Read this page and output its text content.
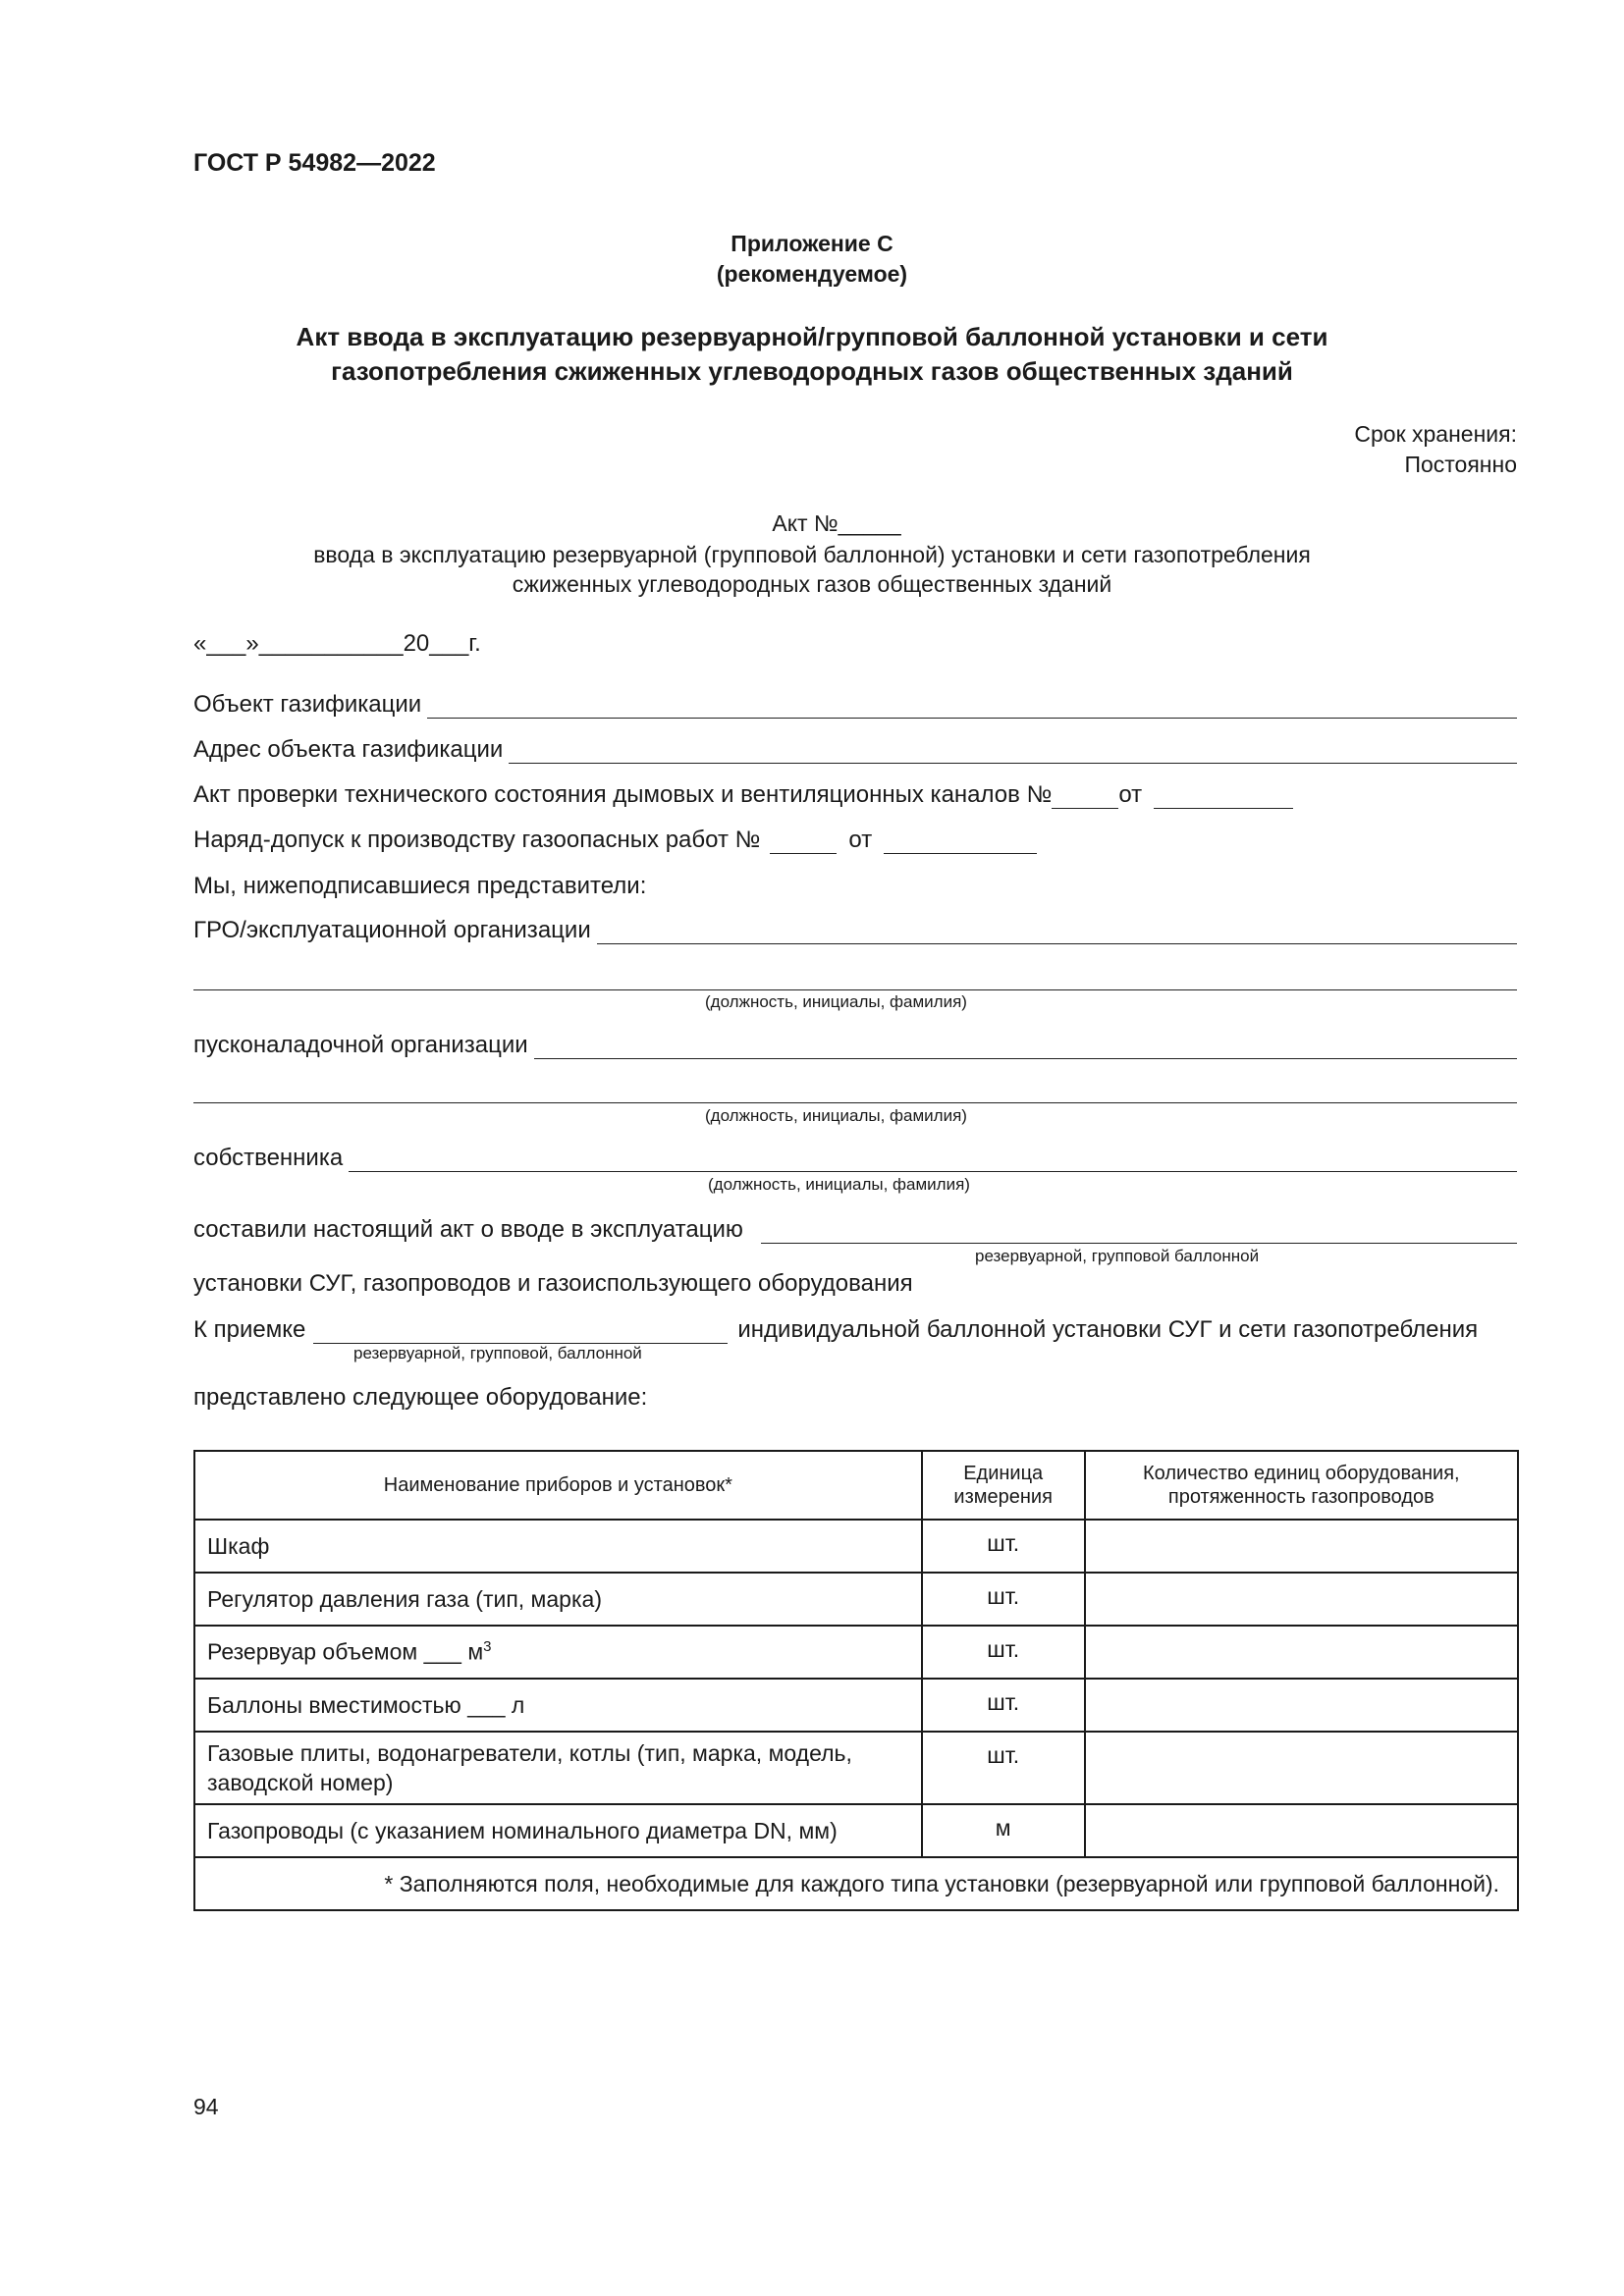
ГОСТ Р 54982—2022
Приложение С
(рекомендуемое)
Акт ввода в эксплуатацию резервуарной/групповой баллонной установки и сети
газопотребления сжиженных углеводородных газов общественных зданий
Срок хранения:
Постоянно
Акт №_____
ввода в эксплуатацию резервуарной (групповой баллонной) установки и сети газопотребления
сжиженных углеводородных газов общественных зданий
«___»___________20___г.
Объект газификации
Адрес объекта газификации
Акт проверки технического состояния дымовых и вентиляционных каналов №	от
Наряд-допуск к производству газоопасных работ №	от
Мы, нижеподписавшиеся представители:
ГРО/эксплуатационной организации
(должность, инициалы, фамилия)
пусконаладочной организации
(должность, инициалы, фамилия)
собственника
(должность, инициалы, фамилия)
составили настоящий акт о вводе в эксплуатацию
резервуарной, групповой баллонной
установки СУГ, газопроводов и газоиспользующего оборудования
К приемке	индивидуальной баллонной установки СУГ и сети газопотребления
резервуарной, групповой, баллонной
представлено следующее оборудование:
Наименование приборов и установок*	Единица измерения	Количество единиц оборудования, протяженность газопроводов
Шкаф	шт.	
Регулятор давления газа (тип, марка)	шт.	
Резервуар объемом ___ $м^3$	шт.	
Баллоны вместимостью ___ л	шт.	
Газовые плиты, водонагреватели, котлы (тип, марка, модель, заводской номер)	шт.	
Газопроводы (с указанием номинального диаметра DN, мм)	м	
* Заполняются поля, необходимые для каждого типа установки (резервуарной или групповой баллонной).		
94
